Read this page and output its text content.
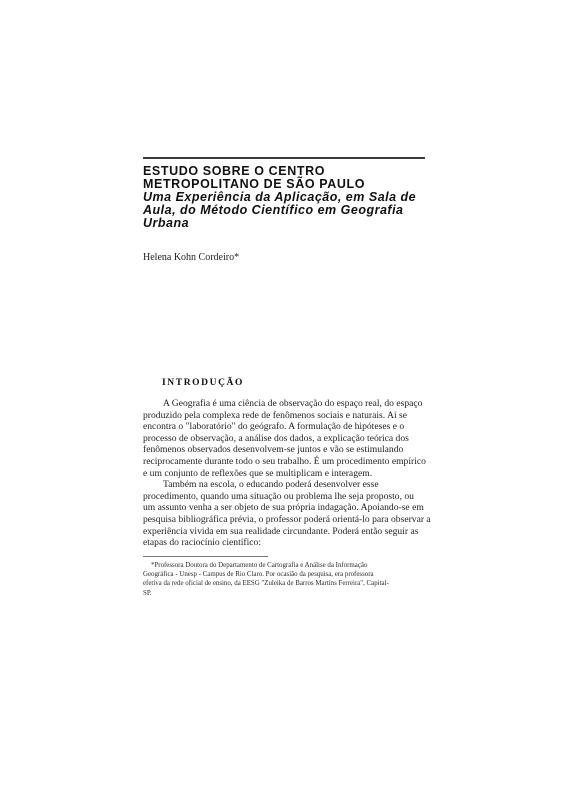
ESTUDO SOBRE O CENTRO
METROPOLITANO DE SÃO PAULO
Uma Experiência da Aplicação, em Sala de
Aula, do Método Científico em Geografia
Urbana
Helena Kohn Cordeiro*
INTRODUÇÃO

A Geografia é uma ciência de observação do espaço real, do espaço
produzido pela complexa rede de fenômenos sociais e naturais. Aí se
encontra o "laboratório" do geógrafo. A formulação de hipóteses e o
processo de observação, a análise dos dados, a explicação teórica dos
fenômenos observados desenvolvem-se juntos e vão se estimulando
reciprocamente durante todo o seu trabalho. É um procedimento empírico
e um conjunto de reflexões que se multiplicam e interagem.

Também na escola, o educando poderá desenvolver esse
procedimento, quando uma situação ou problema lhe seja proposto, ou
um assunto venha a ser objeto de sua própria indagação. Apoiando-se em
pesquisa bibliográfica prévia, o professor poderá orientá-lo para observar a
experiência vivida em sua realidade circundante. Poderá então seguir as
etapas do raciocínio científico:

*Professora Doutora do Departamento de Cartografia e Análise da Informação
Geográfica - Unesp - Campus de Rio Claro. Por ocasião da pesquisa, era professora
efetiva da rede oficial de ensino, da EESG "Zuleika de Barros Martins Ferreira", Capital-
SP.
